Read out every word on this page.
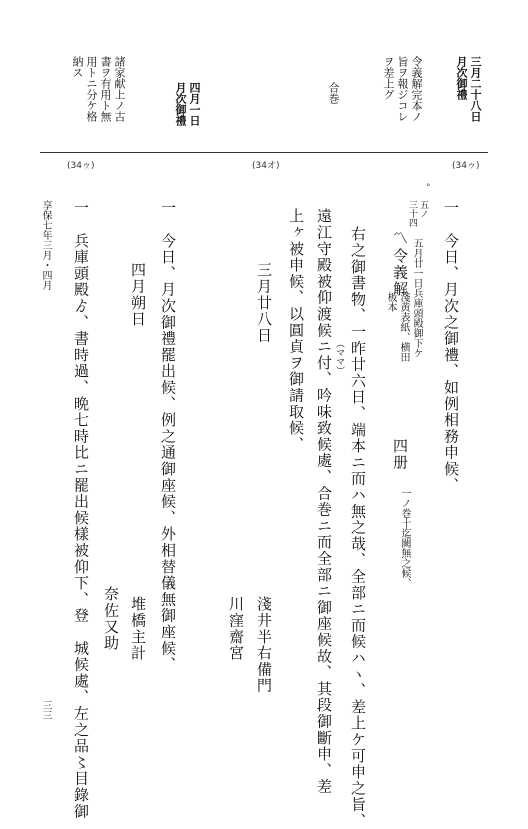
三月二十八日
月次御禮
令義解完本ノ
旨ヲ報ジコレ
ヲ差上グ
合巻
四月一日
月次御禮
諸家献上ノ古
書ヲ有用ト無
用トニ分ケ格
納ス
(34ゥ)
(34オ)
(34ゥ)
°
一　今日、月次之御禮、如例相務申候、
五ノ
三十四
〽
令義解 五月廿一日兵庫頭殿御下ケ
淺黄表紙、横田
板本
四册
一ノ巻十迄闕無之候、
右之御書物、一昨廿六日、端本ニ而ハ無之哉、全部ニ而候ハヽ、差上ケ可申之旨、
（ママ）
遠江守殿被仰渡候ニ付、吟味致候處、合巻ニ而全部ニ御座候故、其段御斷申、差
上ヶ被申候、以圓貞ヲ御請取候、
三月廿八日
淺井半右備門
川窪齋宮
一　今日、月次御禮罷出候、例之通御座候、外相替儀無御座候、
四月朔日
堆橋主計
奈佐又助
一　兵庫頭殿ゟ、書時過、晩七時比ニ罷出候樣被仰下、登　城候處、左之品〻目錄御
享保七年三月・四月
三三
